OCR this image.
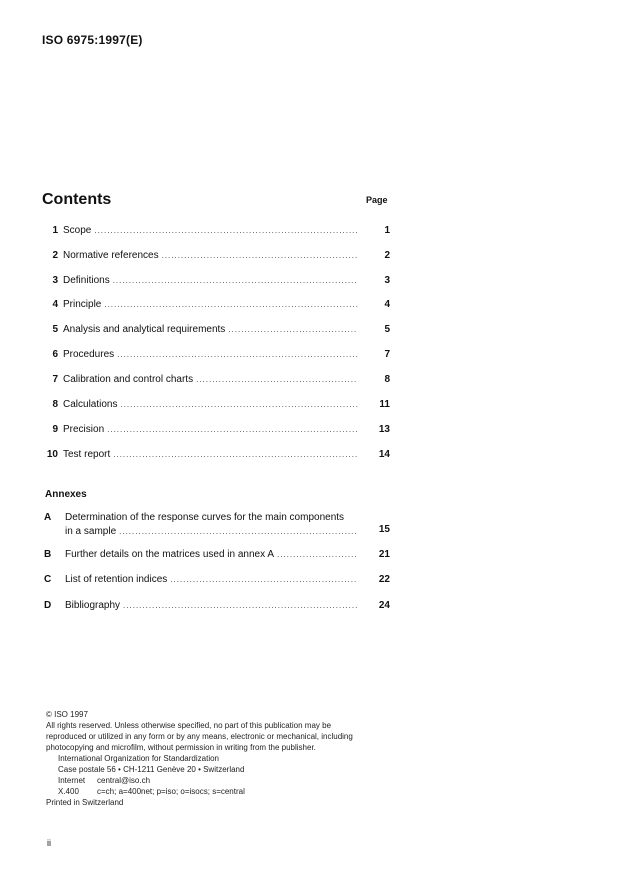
ISO 6975:1997(E)
Contents	Page
1 Scope .....	1
2 Normative references .....	2
3 Definitions .....	3
4 Principle .....	4
5 Analysis and analytical requirements .....	5
6 Procedures .....	7
7 Calibration and control charts .....	8
8 Calculations .....	11
9 Precision .....	13
10 Test report .....	14
Annexes
A Determination of the response curves for the main components
in a sample .....	15
B Further details on the matrices used in annex A .....	21
C List of retention indices .....	22
D Bibliography .....	24

© ISO 1997

All rights reserved. Unless otherwise specified, no part of this publication may be

reproduced or utilized in any form or by any means, electronic or mechanical, including

photocopying and microfilm, without permission in writing from the publisher.

International Organization for Standardization

Case postale 56 • CH-1211 Genève 20 • Switzerland

Internet	central@iso.ch
X.400	c=ch; a=400net; p=iso; o=isocs; s=central

Printed in Switzerland

ii
